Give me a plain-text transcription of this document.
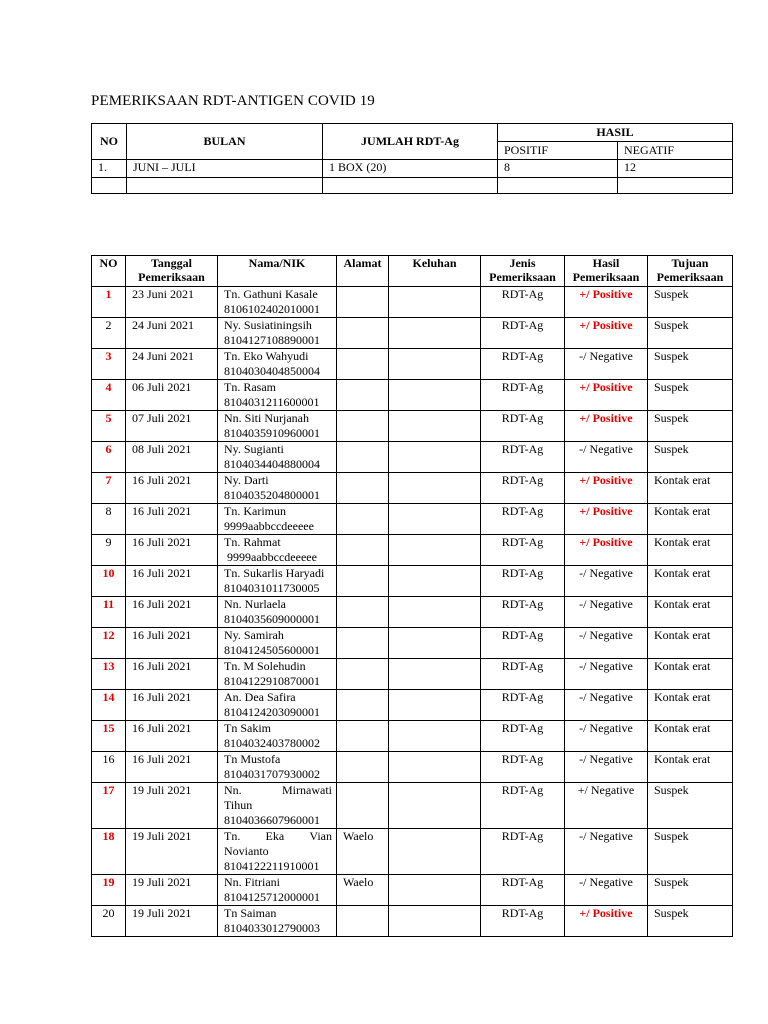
PEMERIKSAAN RDT-ANTIGEN COVID 19
NO	BULAN	JUMLAH RDT-Ag	HASIL	
			POSITIF	NEGATIF
1.	JUNI – JULI	1 BOX (20)	8	12

NO	Tanggal Pemeriksaan	Nama/NIK	Alamat	Keluhan	Jenis Pemeriksaan	Hasil Pemeriksaan	Tujuan Pemeriksaan
1	23 Juni 2021	Tn. Gathuni Kasale
8106102402010001			RDT-Ag	+/ Positive	Suspek
2	24 Juni 2021	Ny. Susiatiningsih
8104127108890001			RDT-Ag	+/ Positive	Suspek
3	24 Juni 2021	Tn. Eko Wahyudi
8104030404850004			RDT-Ag	-/ Negative	Suspek
4	06 Juli 2021	Tn. Rasam
8104031211600001			RDT-Ag	+/ Positive	Suspek
5	07 Juli 2021	Nn. Siti Nurjanah
8104035910960001			RDT-Ag	+/ Positive	Suspek
6	08 Juli 2021	Ny. Sugianti
8104034404880004			RDT-Ag	-/ Negative	Suspek
7	16 Juli 2021	Ny. Darti
8104035204800001			RDT-Ag	+/ Positive	Kontak erat
8	16 Juli 2021	Tn. Karimun
9999aabbccdeeeee			RDT-Ag	+/ Positive	Kontak erat
9	16 Juli 2021	Tn. Rahmat
9999aabbccdeeeee			RDT-Ag	+/ Positive	Kontak erat
10	16 Juli 2021	Tn. Sukarlis Haryadi
8104031011730005			RDT-Ag	-/ Negative	Kontak erat
11	16 Juli 2021	Nn. Nurlaela
8104035609000001			RDT-Ag	-/ Negative	Kontak erat
12	16 Juli 2021	Ny. Samirah
8104124505600001			RDT-Ag	-/ Negative	Kontak erat
13	16 Juli 2021	Tn. M Solehudin
8104122910870001			RDT-Ag	-/ Negative	Kontak erat
14	16 Juli 2021	An. Dea Safira
8104124203090001			RDT-Ag	-/ Negative	Kontak erat
15	16 Juli 2021	Tn Sakim
8104032403780002			RDT-Ag	-/ Negative	Kontak erat
16	16 Juli 2021	Tn Mustofa
8104031707930002			RDT-Ag	-/ Negative	Kontak erat
17	19 Juli 2021	Nn. Mirnawati
Tihun
8104036607960001			RDT-Ag	+/ Negative	Suspek
18	19 Juli 2021	Tn. Eka Vian
Novianto
8104122211910001	Waelo		RDT-Ag	-/ Negative	Suspek
19	19 Juli 2021	Nn. Fitriani
8104125712000001	Waelo		RDT-Ag	-/ Negative	Suspek
20	19 Juli 2021	Tn Saiman
8104033012790003			RDT-Ag	+/ Positive	Suspek
